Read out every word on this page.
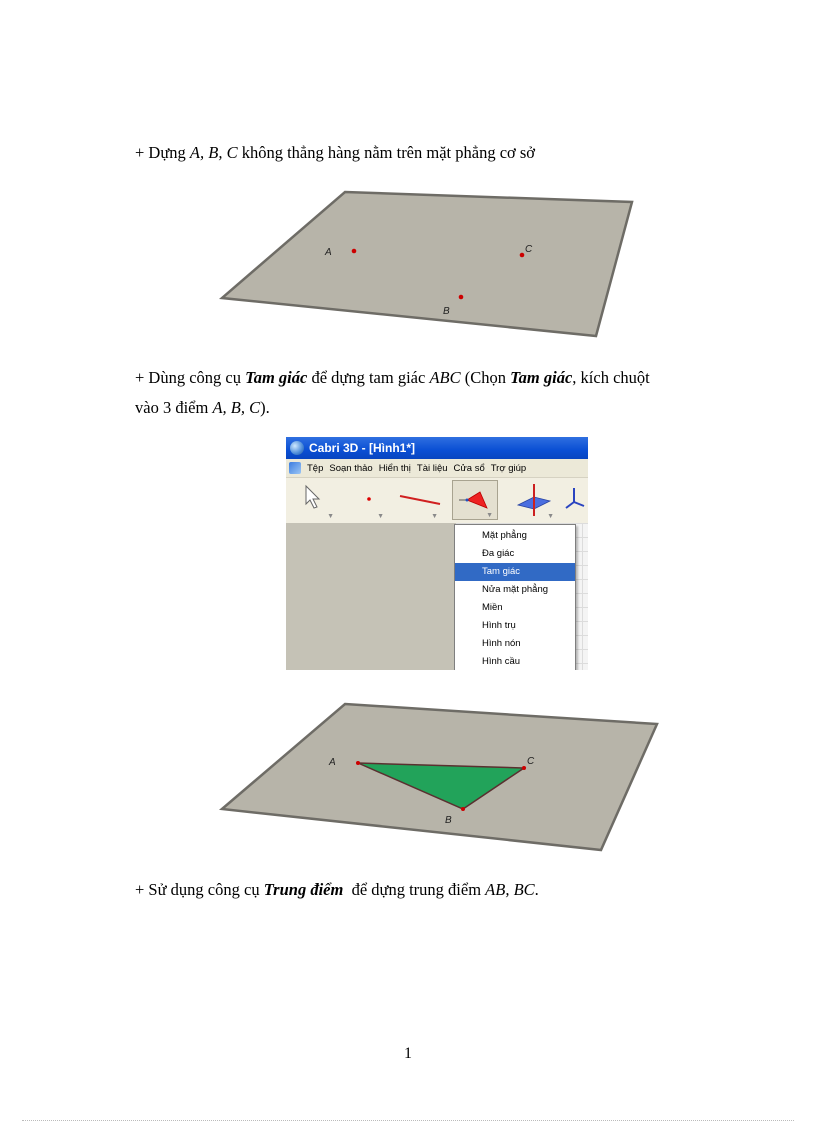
+ Dựng A, B, C không thẳng hàng nằm trên mặt phẳng cơ sở
A
B
C
+ Dùng công cụ Tam giác để dựng tam giác ABC (Chọn Tam giác, kích chuột
vào 3 điểm A, B, C).
Cabri 3D - [Hình1*]
Tệp Soạn thảo Hiển thị Tài liệu Cửa sổ Trợ giúp
▼	▼	▼	▼	▼
Mặt phẳng
Đa giác
Tam giác
Nửa mặt phẳng
Miền
Hình trụ
Hình nón
Hình cầu
A
B
C
+ Sử dụng công cụ Trung điểm  để dựng trung điểm AB, BC.
1
